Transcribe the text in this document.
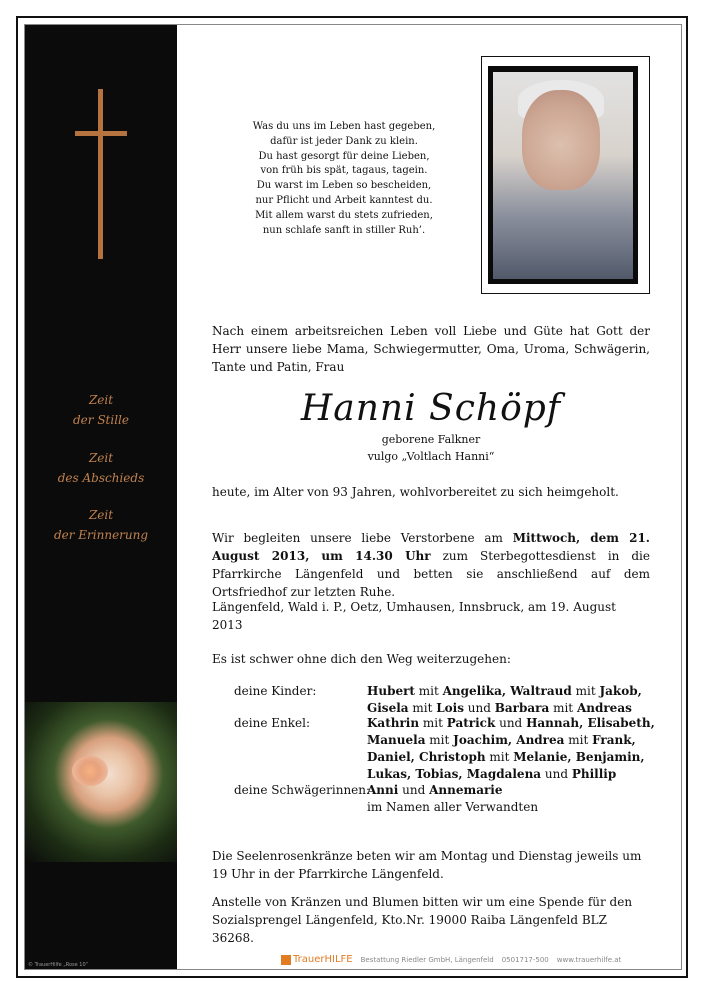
Zeit
der Stille
Zeit
des Abschieds
Zeit
der Erinnerung
© TrauerHilfe „Rose 10“
Was du uns im Leben hast gegeben,
dafür ist jeder Dank zu klein.
Du hast gesorgt für deine Lieben,
von früh bis spät, tagaus, tagein.
Du warst im Leben so bescheiden,
nur Pflicht und Arbeit kanntest du.
Mit allem warst du stets zufrieden,
nun schlafe sanft in stiller Ruh’.
Nach einem arbeitsreichen Leben voll Liebe und Güte hat Gott der Herr unsere liebe Mama, Schwiegermutter, Oma, Uroma, Schwägerin, Tante und Patin, Frau
Hanni Schöpf
geborene Falkner
vulgo „Voltlach Hanni“
heute, im Alter von 93 Jahren, wohlvorbereitet zu sich heimgeholt.
Wir begleiten unsere liebe Verstorbene am Mittwoch, dem 21. August 2013, um 14.30 Uhr zum Sterbegottesdienst in die Pfarrkirche Längenfeld und betten sie anschließend auf dem Ortsfriedhof zur letzten Ruhe.
Längenfeld, Wald i. P., Oetz, Umhausen, Innsbruck, am 19. August 2013
Es ist schwer ohne dich den Weg weiterzugehen:
deine Kinder:	Hubert mit Angelika, Waltraud mit Jakob,
Gisela mit Lois und Barbara mit Andreas
deine Enkel:	Kathrin mit Patrick und Hannah, Elisabeth,
Manuela mit Joachim, Andrea mit Frank,
Daniel, Christoph mit Melanie, Benjamin,
Lukas, Tobias, Magdalena und Phillip
deine Schwägerinnen:
Anni und Annemarie
im Namen aller Verwandten
Die Seelenrosenkränze beten wir am Montag und Dienstag jeweils um 19 Uhr in der Pfarrkirche Längenfeld.
Anstelle von Kränzen und Blumen bitten wir um eine Spende für den Sozialsprengel Längenfeld, Kto.Nr. 19000 Raiba Längenfeld BLZ 36268.
TrauerHILFE Bestattung Riedler GmbH, Längenfeld 0501717-500 www.trauerhilfe.at
